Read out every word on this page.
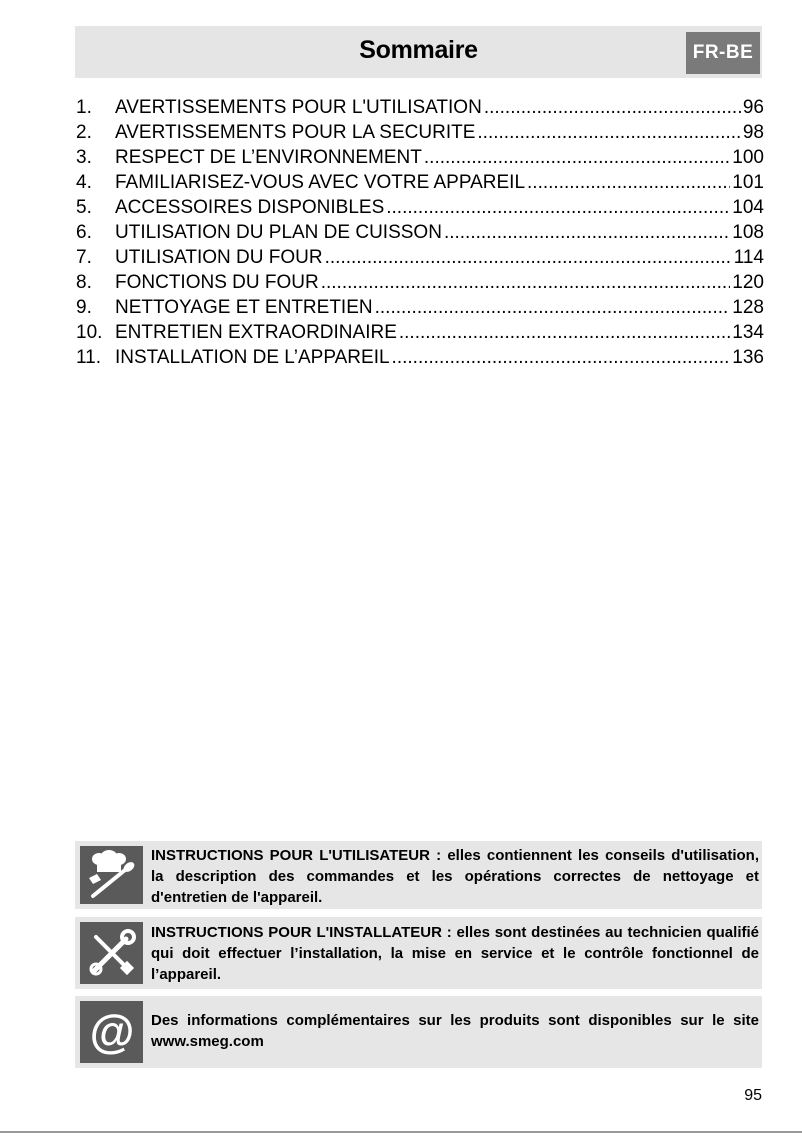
Sommaire	FR-BE
1.	AVERTISSEMENTS POUR L'UTILISATION .....	96
2.	AVERTISSEMENTS POUR LA SECURITE .....	98
3.	RESPECT DE L’ENVIRONNEMENT .....	100
4.	FAMILIARISEZ-VOUS AVEC VOTRE APPAREIL .....	101
5.	ACCESSOIRES DISPONIBLES .....	104
6.	UTILISATION DU PLAN DE CUISSON .....	108
7.	UTILISATION DU FOUR .....	114
8.	FONCTIONS DU FOUR .....	120
9.	NETTOYAGE ET ENTRETIEN .....	128
10. ENTRETIEN EXTRAORDINAIRE .....	134
11. INSTALLATION DE L’APPAREIL .....	136
INSTRUCTIONS POUR L'UTILISATEUR : elles contiennent les conseils d'utilisation, la description des commandes et les opérations correctes de nettoyage et d'entretien de l'appareil.
INSTRUCTIONS POUR L'INSTALLATEUR : elles sont destinées au technicien qualifié qui doit effectuer l’installation, la mise en service et le contrôle fonctionnel de l’appareil.
@ Des informations complémentaires sur les produits sont disponibles sur le site www.smeg.com
95
